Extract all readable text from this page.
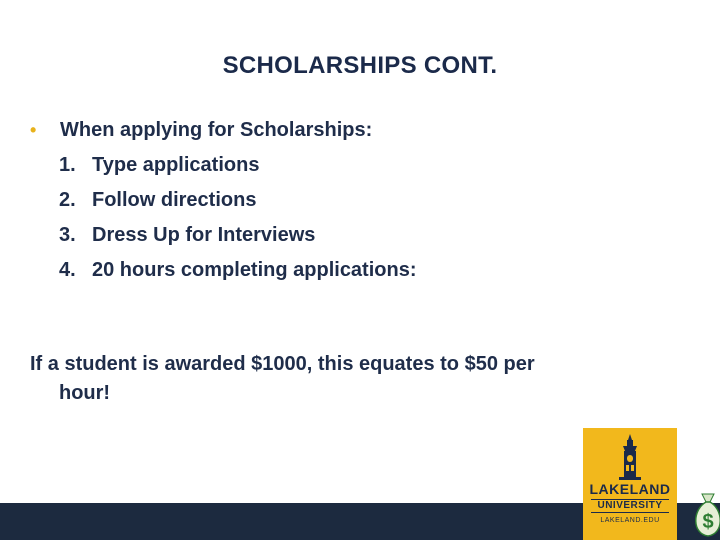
SCHOLARSHIPS CONT.
•	When applying for Scholarships:
1. Type applications
2. Follow directions
3. Dress Up for Interviews
4. 20 hours completing applications:
If a student is awarded $1000, this equates to $50 per
hour!
LAKELAND
UNIVERSITY
LAKELAND.EDU	$
